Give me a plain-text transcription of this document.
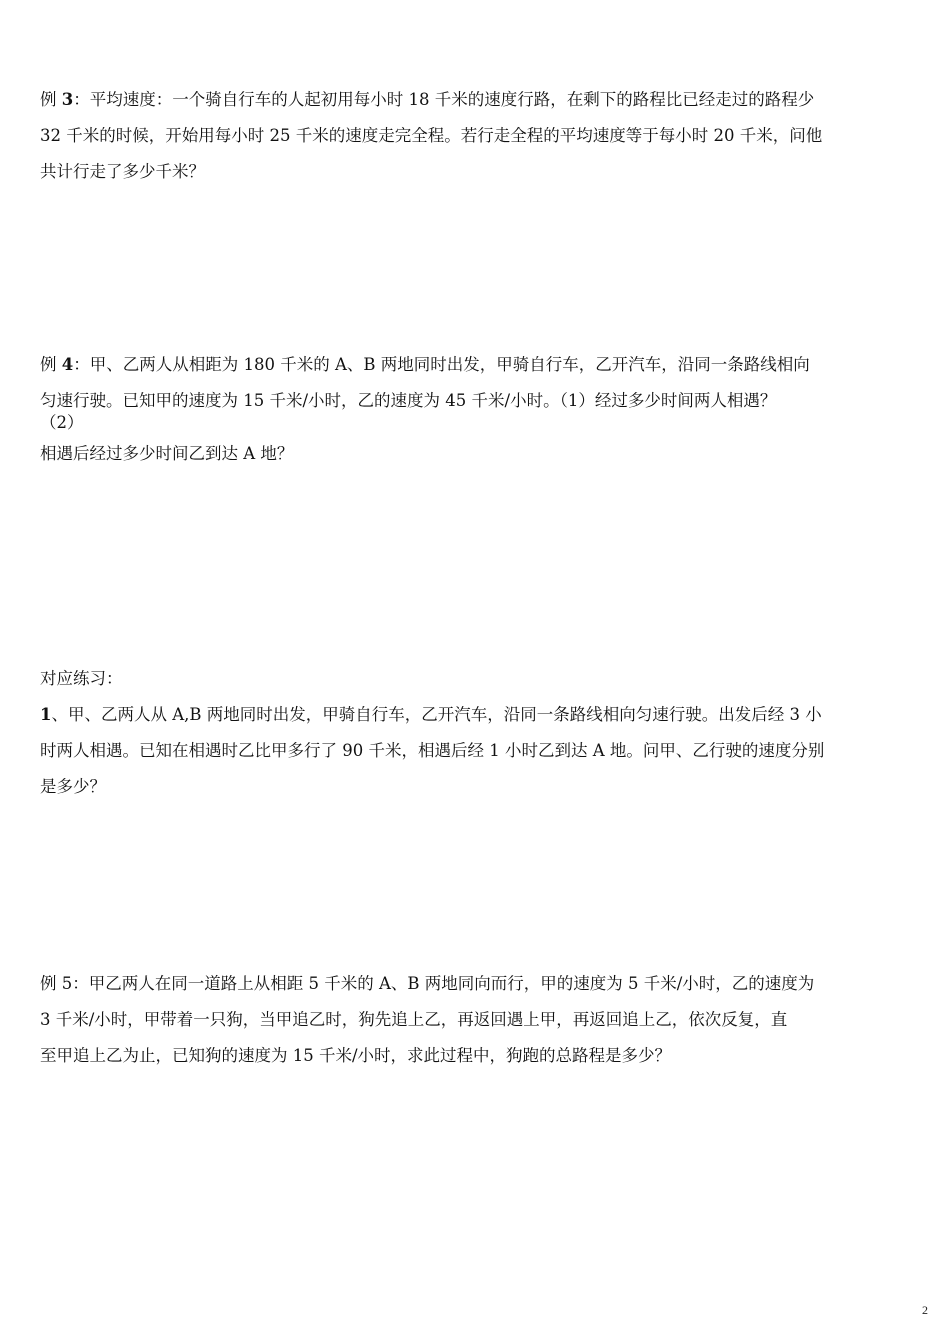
例 3：平均速度：一个骑自行车的人起初用每小时 18 千米的速度行路，在剩下的路程比已经走过的路程少
32 千米的时候，开始用每小时 25 千米的速度走完全程。若行走全程的平均速度等于每小时 20 千米，问他
共计行走了多少千米？
例 4：甲、乙两人从相距为 180 千米的 A、B 两地同时出发，甲骑自行车，乙开汽车，沿同一条路线相向
匀速行驶。已知甲的速度为 15 千米/小时，乙的速度为 45 千米/小时。（1）经过多少时间两人相遇？
（2）
相遇后经过多少时间乙到达 A 地？
对应练习：
1、甲、乙两人从 A,B 两地同时出发，甲骑自行车，乙开汽车，沿同一条路线相向匀速行驶。出发后经 3 小
时两人相遇。已知在相遇时乙比甲多行了 90 千米，相遇后经 1 小时乙到达 A 地。问甲、乙行驶的速度分别
是多少？
例 5：甲乙两人在同一道路上从相距 5 千米的 A、B 两地同向而行，甲的速度为 5 千米/小时，乙的速度为
3 千米/小时，甲带着一只狗，当甲追乙时，狗先追上乙，再返回遇上甲，再返回追上乙，依次反复，直
至甲追上乙为止，已知狗的速度为 15 千米/小时，求此过程中，狗跑的总路程是多少？
2
